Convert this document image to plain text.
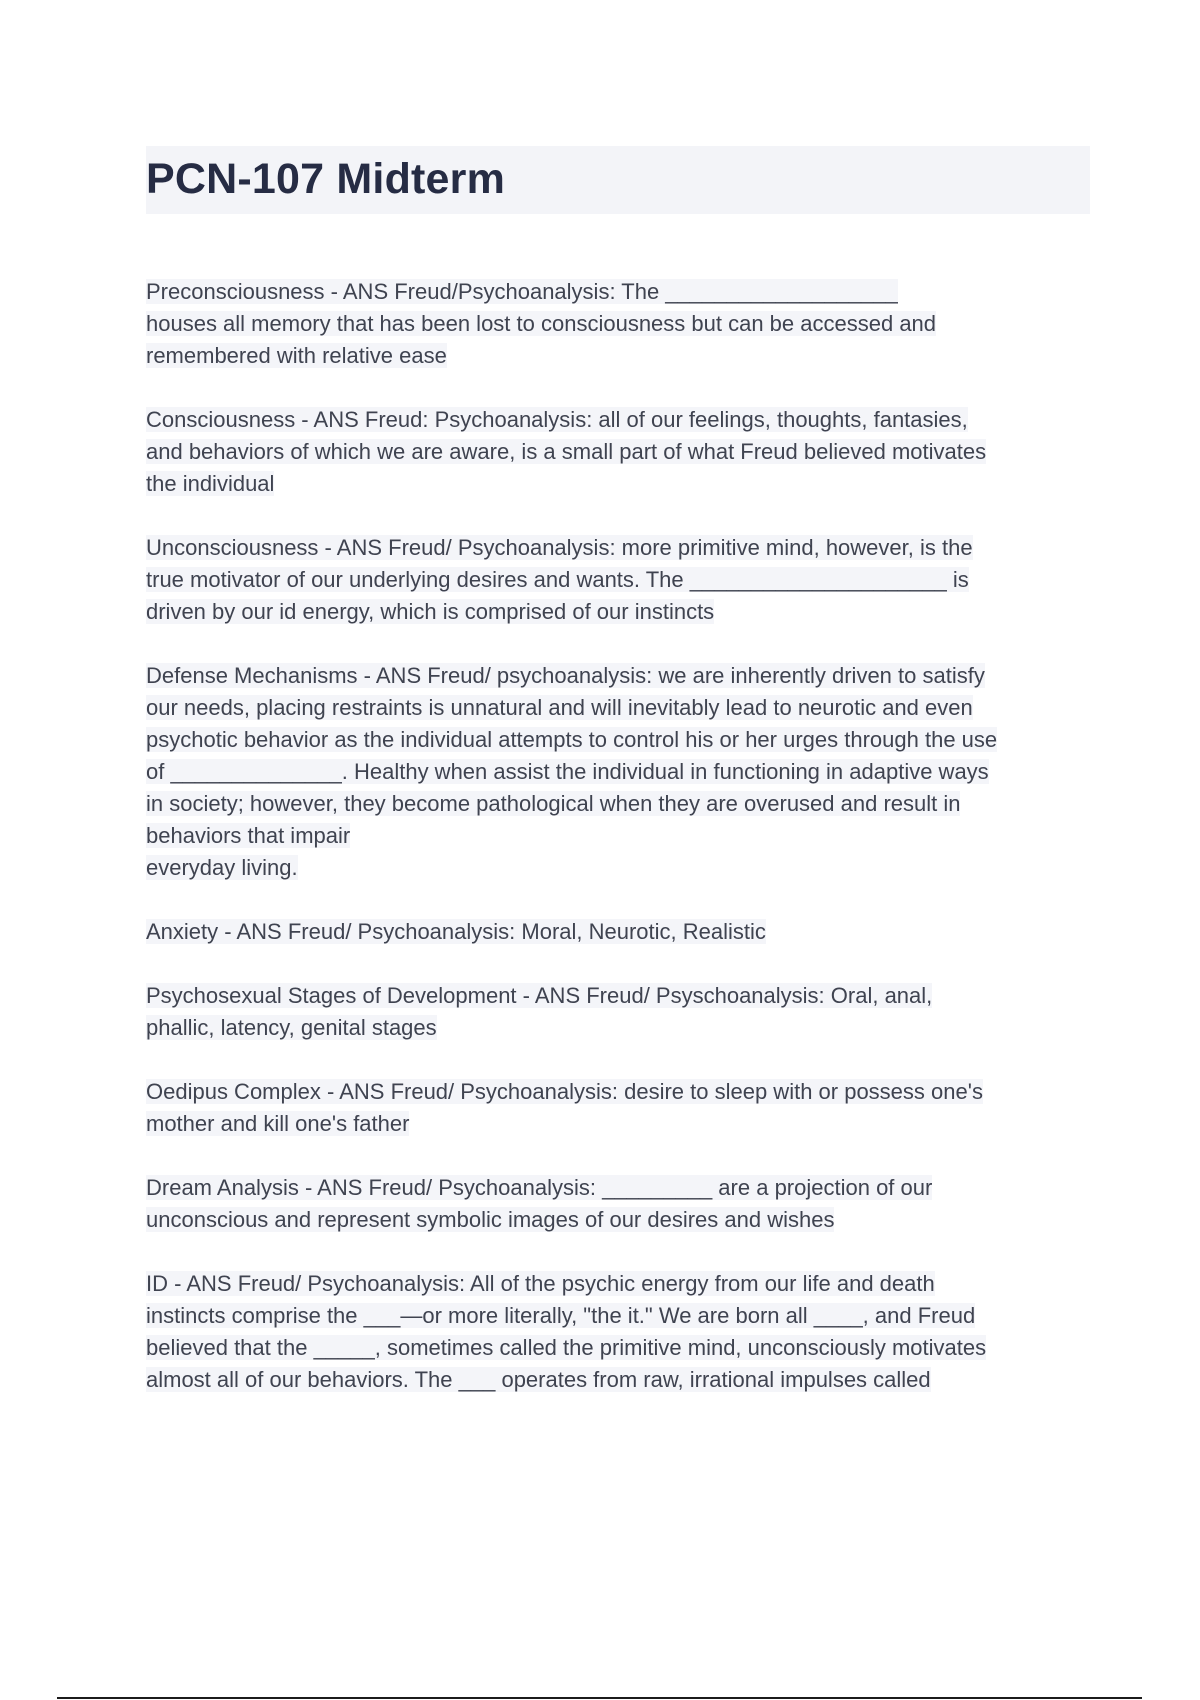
PCN-107 Midterm

Preconsciousness - ANS Freud/Psychoanalysis: The ___________________
houses all memory that has been lost to consciousness but can be accessed and
remembered with relative ease

Consciousness - ANS Freud: Psychoanalysis: all of our feelings, thoughts, fantasies,
and behaviors of which we are aware, is a small part of what Freud believed motivates
the individual

Unconsciousness - ANS Freud/ Psychoanalysis: more primitive mind, however, is the
true motivator of our underlying desires and wants. The _____________________ is
driven by our id energy, which is comprised of our instincts

Defense Mechanisms - ANS Freud/ psychoanalysis: we are inherently driven to satisfy
our needs, placing restraints is unnatural and will inevitably lead to neurotic and even
psychotic behavior as the individual attempts to control his or her urges through the use
of ______________. Healthy when assist the individual in functioning in adaptive ways
in society; however, they become pathological when they are overused and result in
behaviors that impair
everyday living.

Anxiety - ANS Freud/ Psychoanalysis: Moral, Neurotic, Realistic

Psychosexual Stages of Development - ANS Freud/ Psyschoanalysis: Oral, anal,
phallic, latency, genital stages

Oedipus Complex - ANS Freud/ Psychoanalysis: desire to sleep with or possess one's
mother and kill one's father

Dream Analysis - ANS Freud/ Psychoanalysis: _________ are a projection of our
unconscious and represent symbolic images of our desires and wishes

ID - ANS Freud/ Psychoanalysis: All of the psychic energy from our life and death
instincts comprise the ___—or more literally, "the it." We are born all ____, and Freud
believed that the _____, sometimes called the primitive mind, unconsciously motivates
almost all of our behaviors. The ___ operates from raw, irrational impulses called
